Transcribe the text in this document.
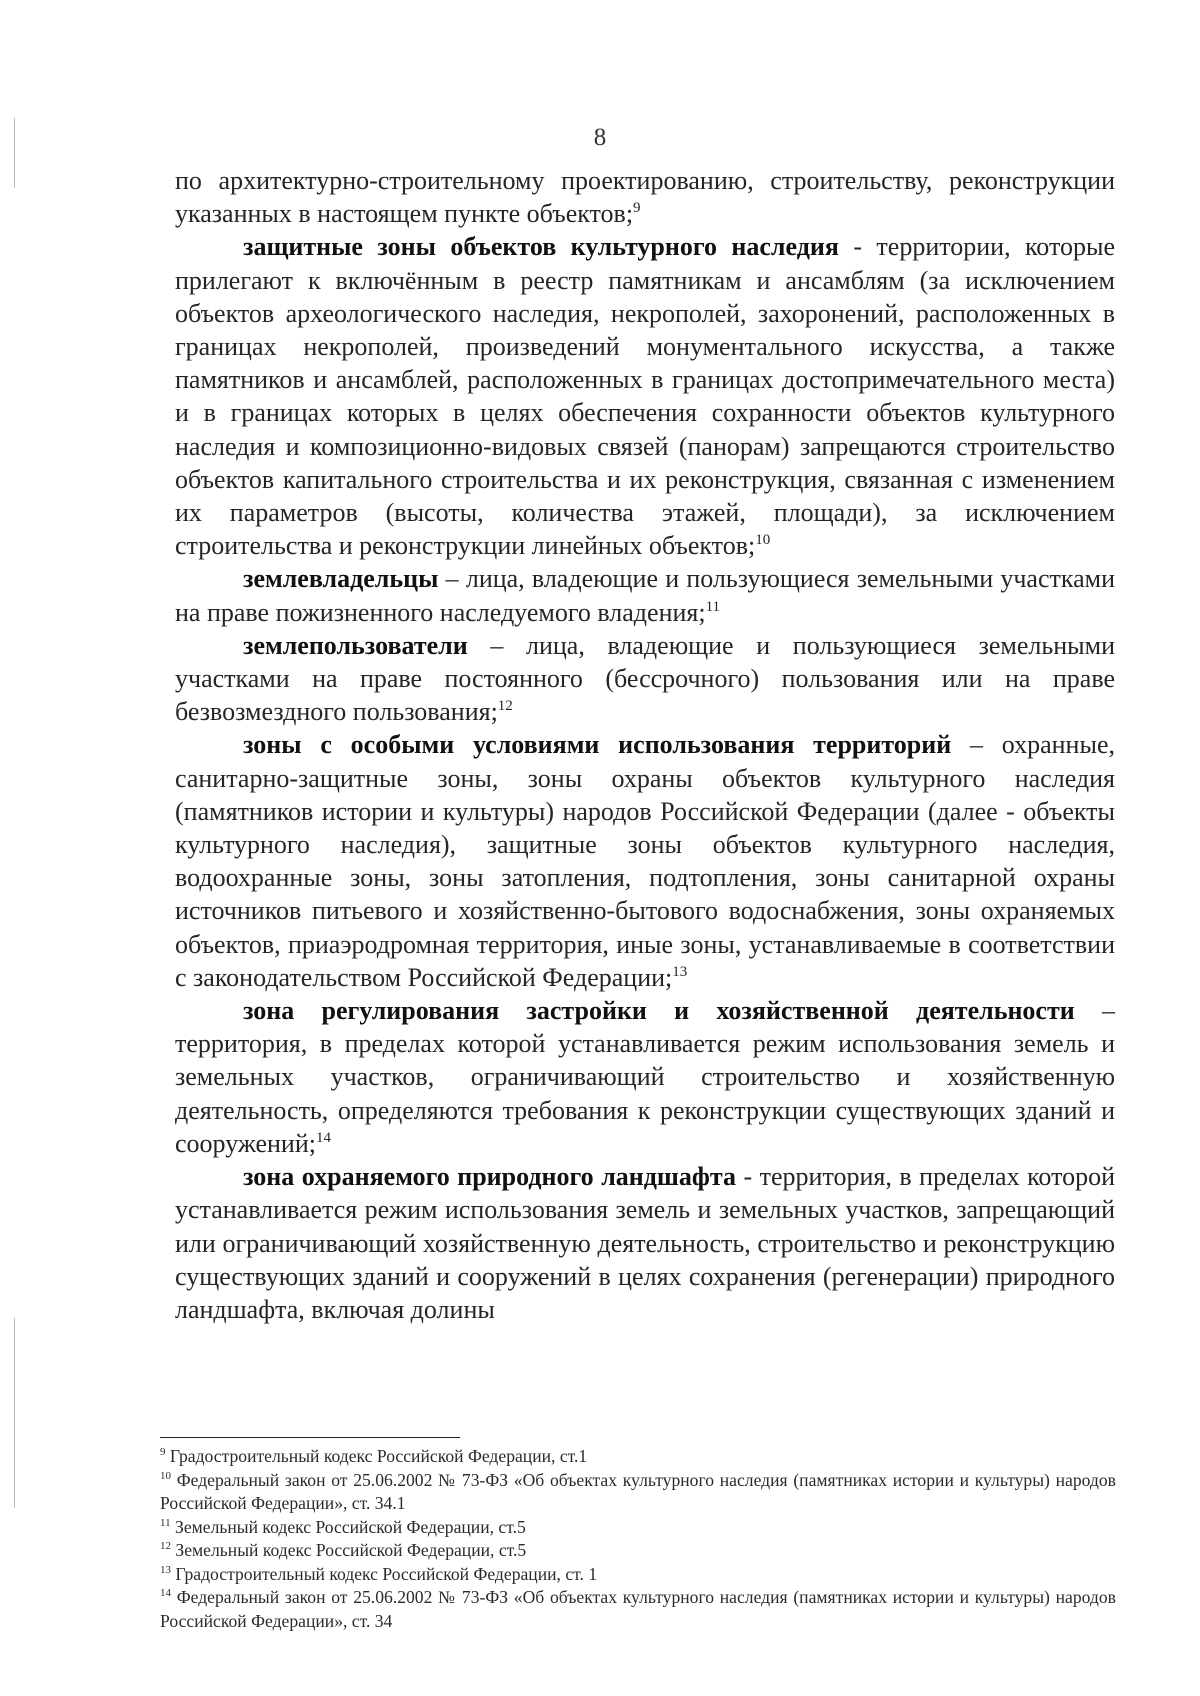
8

по архитектурно-строительному проектированию, строительству, реконструкции указанных в настоящем пункте объектов;$^9$

защитные зоны объектов культурного наследия - территории, которые прилегают к включённым в реестр памятникам и ансамблям (за исключением объектов археологического наследия, некрополей, захоронений, расположенных в границах некрополей, произведений монументального искусства, а также памятников и ансамблей, расположенных в границах достопримечательного места) и в границах которых в целях обеспечения сохранности объектов культурного наследия и композиционно-видовых связей (панорам) запрещаются строительство объектов капитального строительства и их реконструкция, связанная с изменением их параметров (высоты, количества этажей, площади), за исключением строительства и реконструкции линейных объектов;$^{10}$

землевладельцы – лица, владеющие и пользующиеся земельными участками на праве пожизненного наследуемого владения;$^{11}$

землепользователи – лица, владеющие и пользующиеся земельными участками на праве постоянного (бессрочного) пользования или на праве безвозмездного пользования;$^{12}$

зоны с особыми условиями использования территорий – охранные, санитарно-защитные зоны, зоны охраны объектов культурного наследия (памятников истории и культуры) народов Российской Федерации (далее - объекты культурного наследия), защитные зоны объектов культурного наследия, водоохранные зоны, зоны затопления, подтопления, зоны санитарной охраны источников питьевого и хозяйственно-бытового водоснабжения, зоны охраняемых объектов, приаэродромная территория, иные зоны, устанавливаемые в соответствии с законодательством Российской Федерации;$^{13}$

зона регулирования застройки и хозяйственной деятельности – территория, в пределах которой устанавливается режим использования земель и земельных участков, ограничивающий строительство и хозяйственную деятельность, определяются требования к реконструкции существующих зданий и сооружений;$^{14}$

зона охраняемого природного ландшафта - территория, в пределах которой устанавливается режим использования земель и земельных участков, запрещающий или ограничивающий хозяйственную деятельность, строительство и реконструкцию существующих зданий и сооружений в целях сохранения (регенерации) природного ландшафта, включая долины

$^9$ Градостроительный кодекс Российской Федерации, ст.1

$^{10}$ Федеральный закон от 25.06.2002 № 73-ФЗ «Об объектах культурного наследия (памятниках истории и культуры) народов Российской Федерации», ст. 34.1

$^{11}$ Земельный кодекс Российской Федерации, ст.5

$^{12}$ Земельный кодекс Российской Федерации, ст.5

$^{13}$ Градостроительный кодекс Российской Федерации, ст. 1

$^{14}$ Федеральный закон от 25.06.2002 № 73-ФЗ «Об объектах культурного наследия (памятниках истории и культуры) народов Российской Федерации», ст. 34
